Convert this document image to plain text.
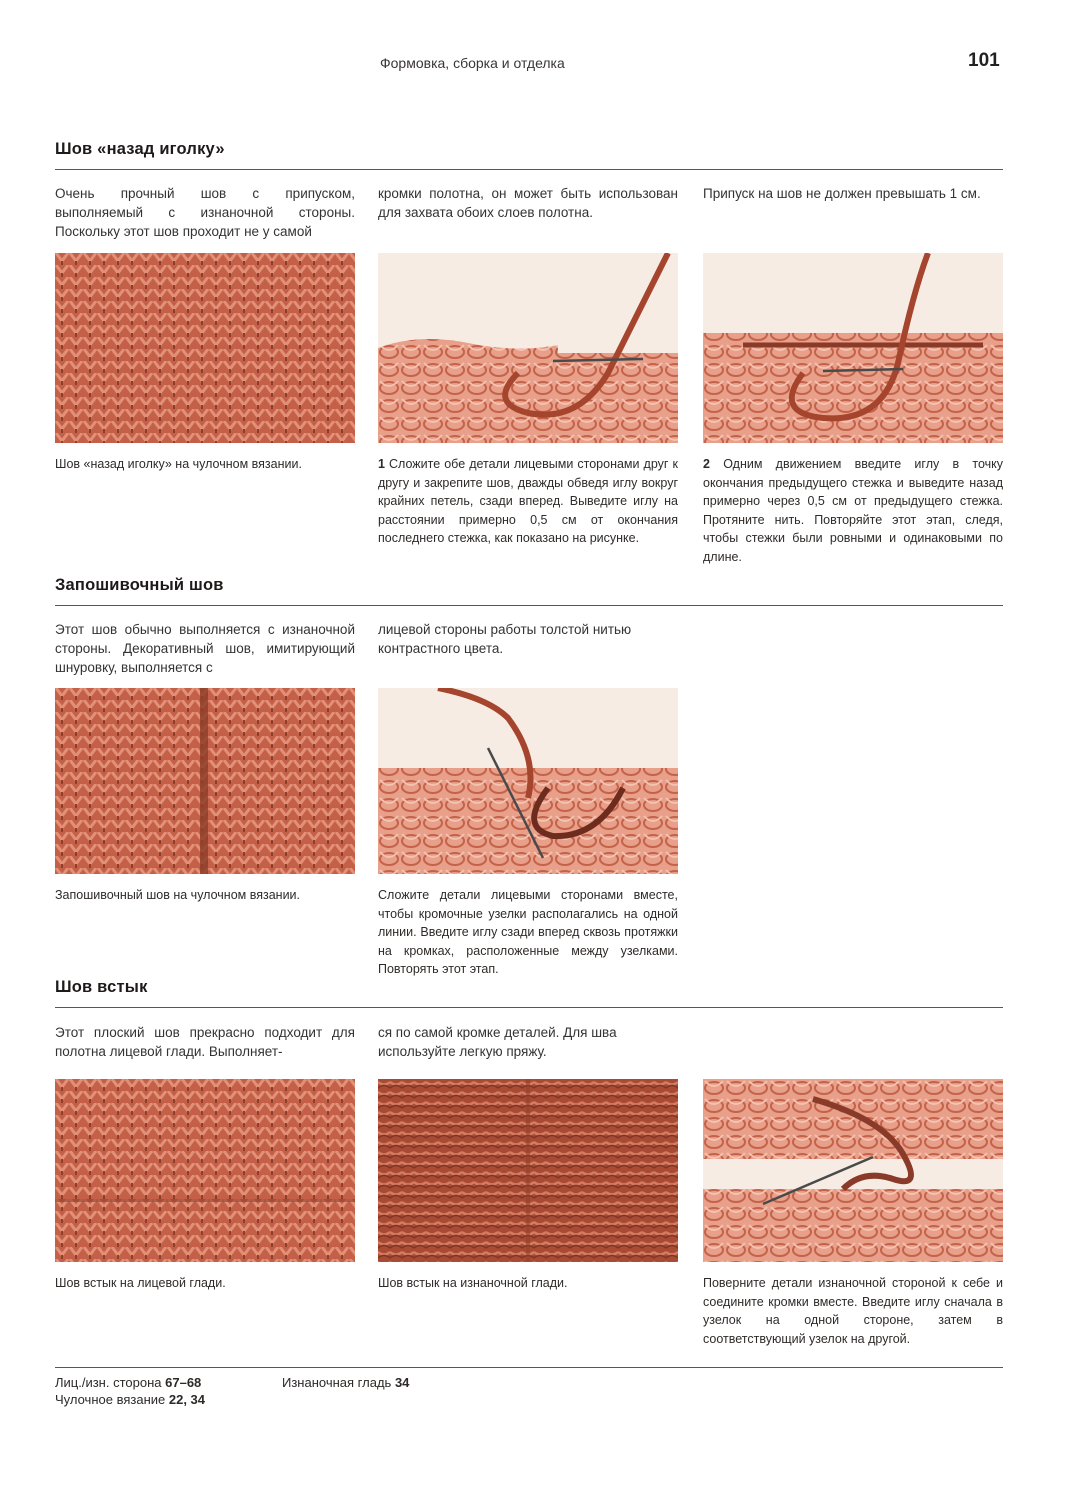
Формовка, сборка и отделка	101
Шов «назад иголку»
Очень прочный шов с припуском, выполняемый с изнаночной стороны. Поскольку этот шов проходит не у самой
кромки полотна, он может быть использован для захвата обоих слоев полотна.
Припуск на шов не должен превышать 1 см.
Шов «назад иголку» на чулочном вязании.	1 Сложите обе детали лицевыми сторонами друг к другу и закрепите шов, дважды обведя иглу вокруг крайних петель, сзади вперед. Выведите иглу на расстоянии примерно 0,5 см от окончания последнего стежка, как показано на рисунке.
2 Одним движением введите иглу в точку окончания предыдущего стежка и выведите назад примерно через 0,5 см от предыдущего стежка. Протяните нить. Повторяйте этот этап, следя, чтобы стежки были ровными и одинаковыми по длине.
Запошивочный шов
Этот шов обычно выполняется с изнаночной стороны. Декоративный шов, имитирующий шнуровку, выполняется с
лицевой стороны работы толстой нитью контрастного цвета.
Запошивочный шов на чулочном вязании.	Сложите детали лицевыми сторонами вместе, чтобы кромочные узелки располагались на одной линии. Введите иглу сзади вперед сквозь протяжки на кромках, расположенные между узелками. Повторять этот этап.
Шов встык
Этот плоский шов прекрасно подходит для полотна лицевой глади. Выполняет-
ся по самой кромке деталей. Для шва используйте легкую пряжу.
Шов встык на лицевой глади.	Шов встык на изнаночной глади.	Поверните детали изнаночной стороной к себе и соедините кромки вместе. Введите иглу сначала в узелок на одной стороне, затем в соответствующий узелок на другой.
Лиц./изн. сторона 67–68
Чулочное вязание 22, 34
Изнаночная гладь 34
